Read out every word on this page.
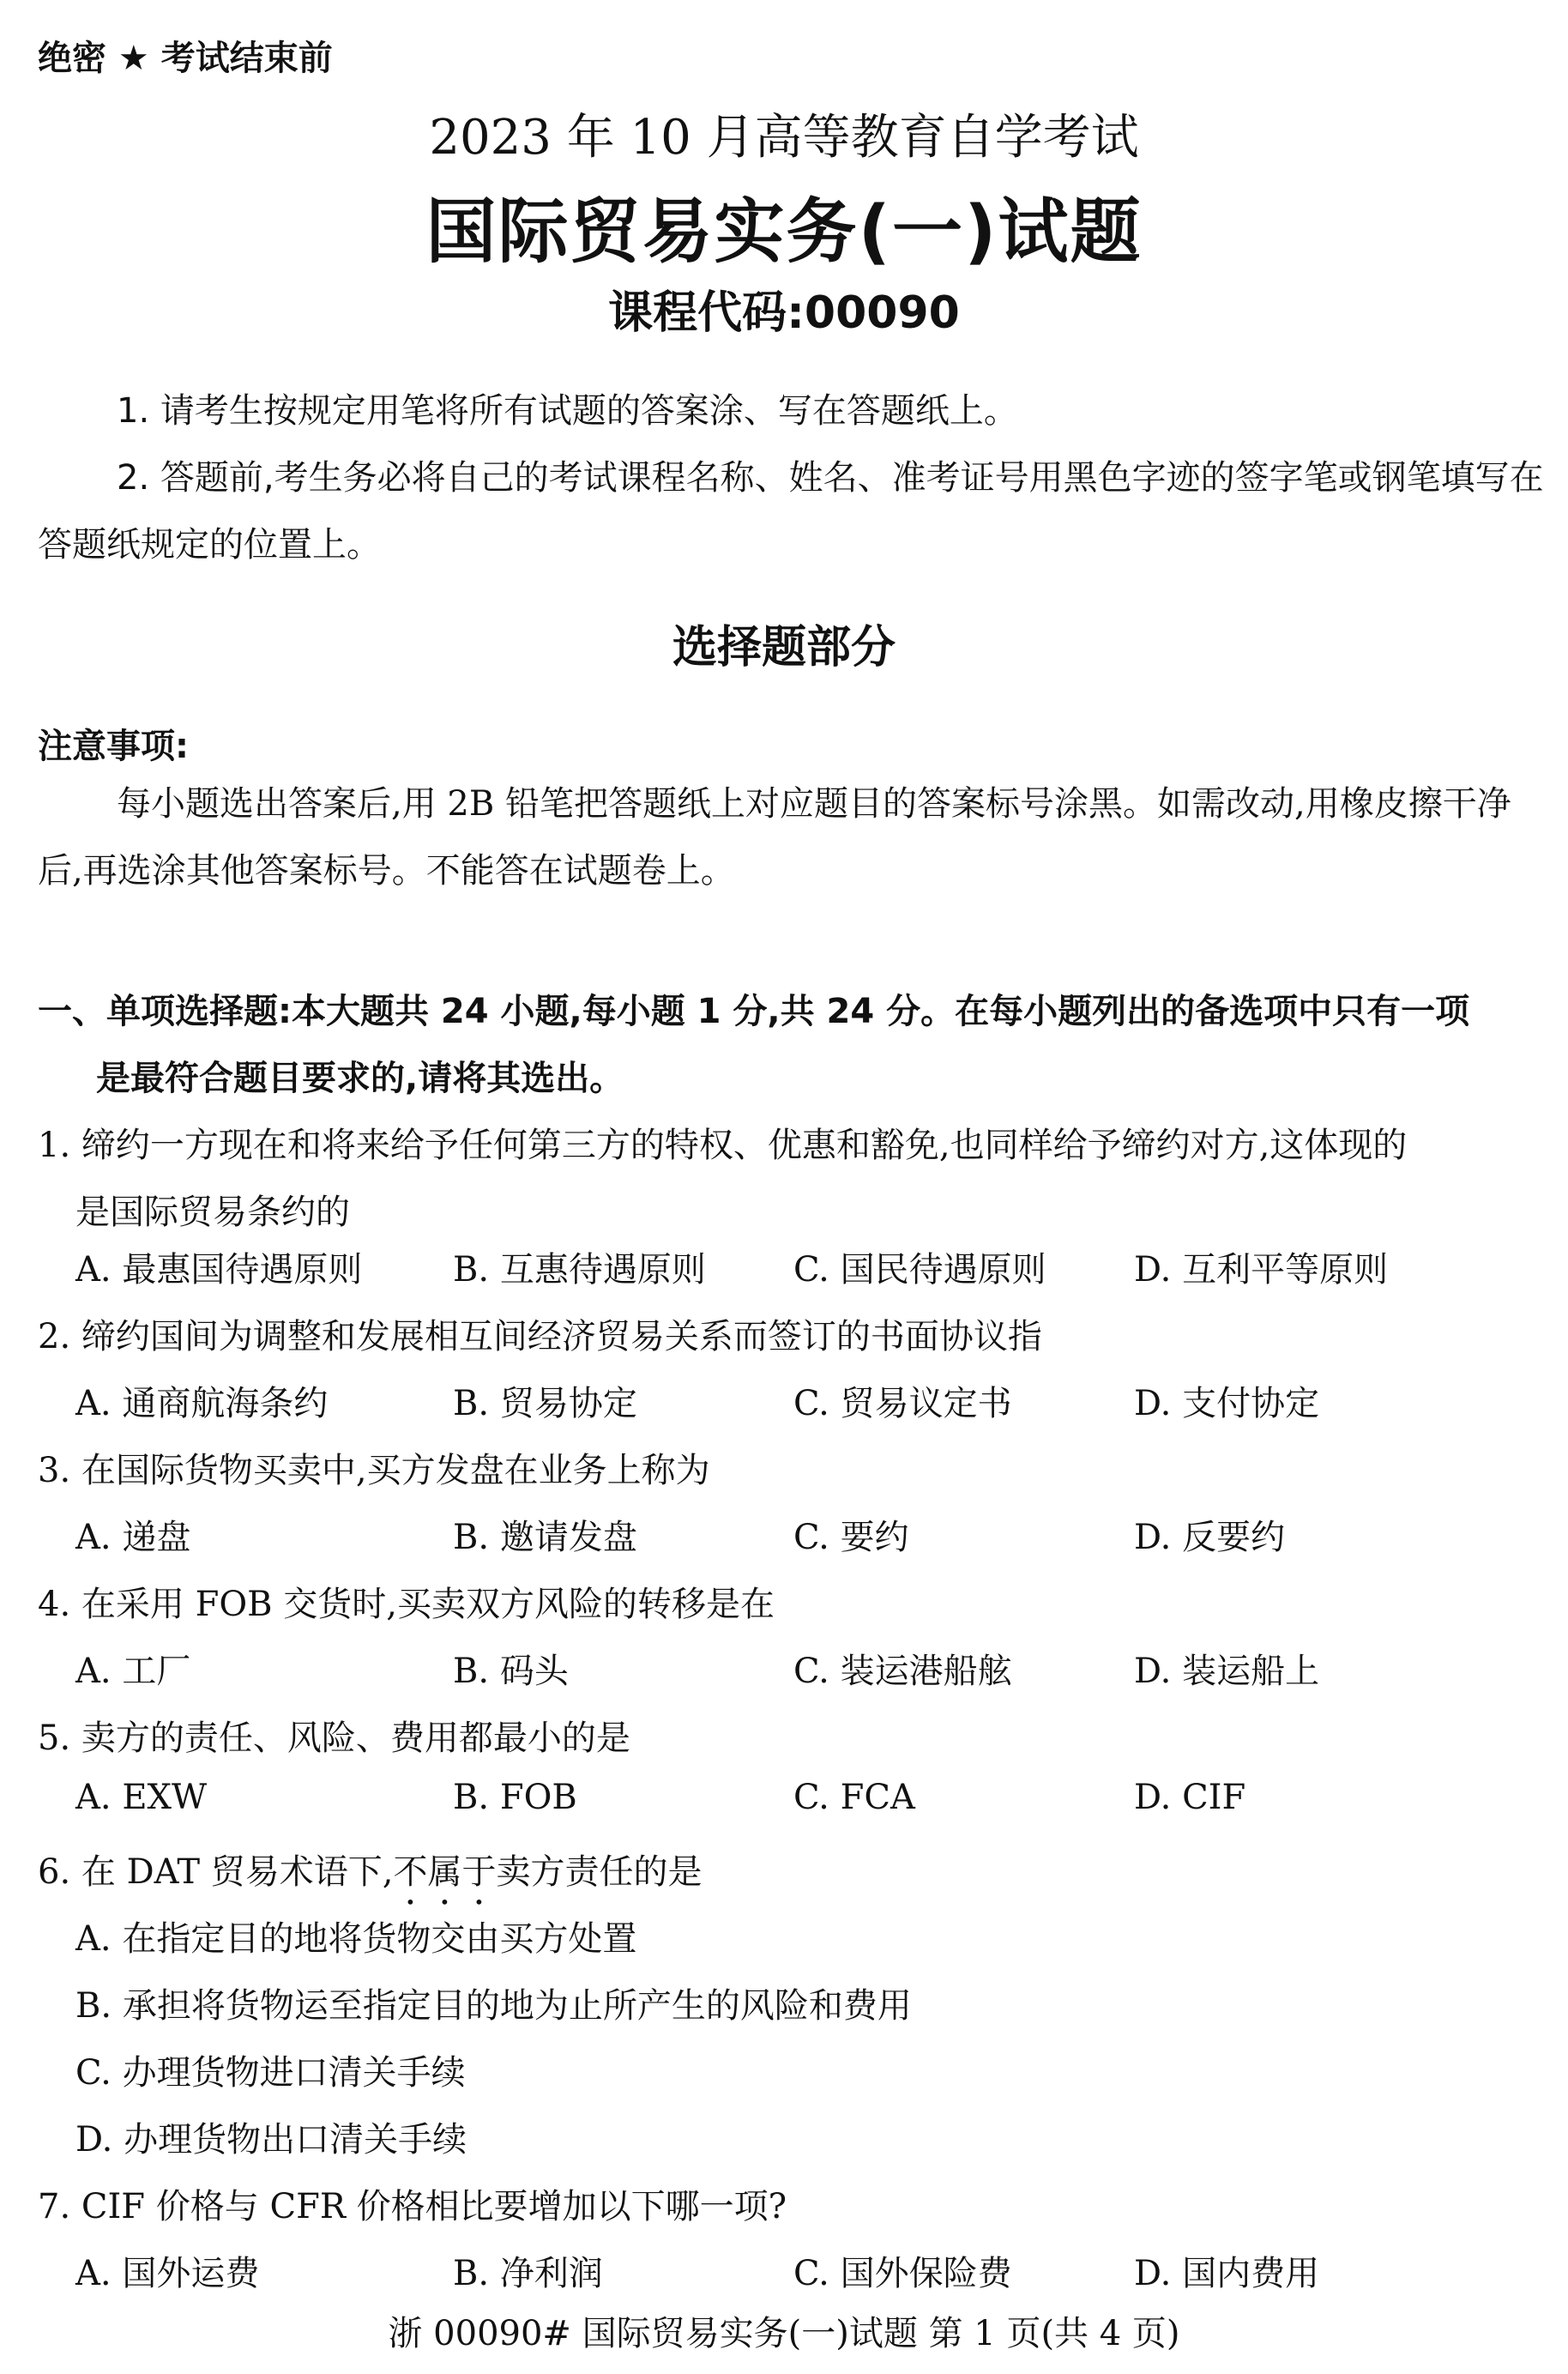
绝密 ★ 考试结束前
2023 年 10 月高等教育自学考试
国际贸易实务(一)试题
课程代码:00090
1. 请考生按规定用笔将所有试题的答案涂、写在答题纸上。
2. 答题前,考生务必将自己的考试课程名称、姓名、准考证号用黑色字迹的签字笔或钢笔填写在答题纸规定的位置上。
选择题部分
注意事项:
每小题选出答案后,用 2B 铅笔把答题纸上对应题目的答案标号涂黑。如需改动,用橡皮擦干净后,再选涂其他答案标号。不能答在试题卷上。
一、单项选择题:本大题共 24 小题,每小题 1 分,共 24 分。在每小题列出的备选项中只有一项
是最符合题目要求的,请将其选出。
1. 缔约一方现在和将来给予任何第三方的特权、优惠和豁免,也同样给予缔约对方,这体现的
是国际贸易条约的
A. 最惠国待遇原则	B. 互惠待遇原则	C. 国民待遇原则	D. 互利平等原则
2. 缔约国间为调整和发展相互间经济贸易关系而签订的书面协议指
A. 通商航海条约	B. 贸易协定	C. 贸易议定书	D. 支付协定
3. 在国际货物买卖中,买方发盘在业务上称为
A. 递盘	B. 邀请发盘	C. 要约	D. 反要约
4. 在采用 FOB 交货时,买卖双方风险的转移是在
A. 工厂	B. 码头	C. 装运港船舷	D. 装运船上
5. 卖方的责任、风险、费用都最小的是
A. EXW	B. FOB	C. FCA	D. CIF
6. 在 DAT 贸易术语下,不属于卖方责任的是
A. 在指定目的地将货物交由买方处置
B. 承担将货物运至指定目的地为止所产生的风险和费用
C. 办理货物进口清关手续
D. 办理货物出口清关手续
7. CIF 价格与 CFR 价格相比要增加以下哪一项?
A. 国外运费	B. 净利润	C. 国外保险费	D. 国内费用
浙 00090# 国际贸易实务(一)试题 第 1 页(共 4 页)
